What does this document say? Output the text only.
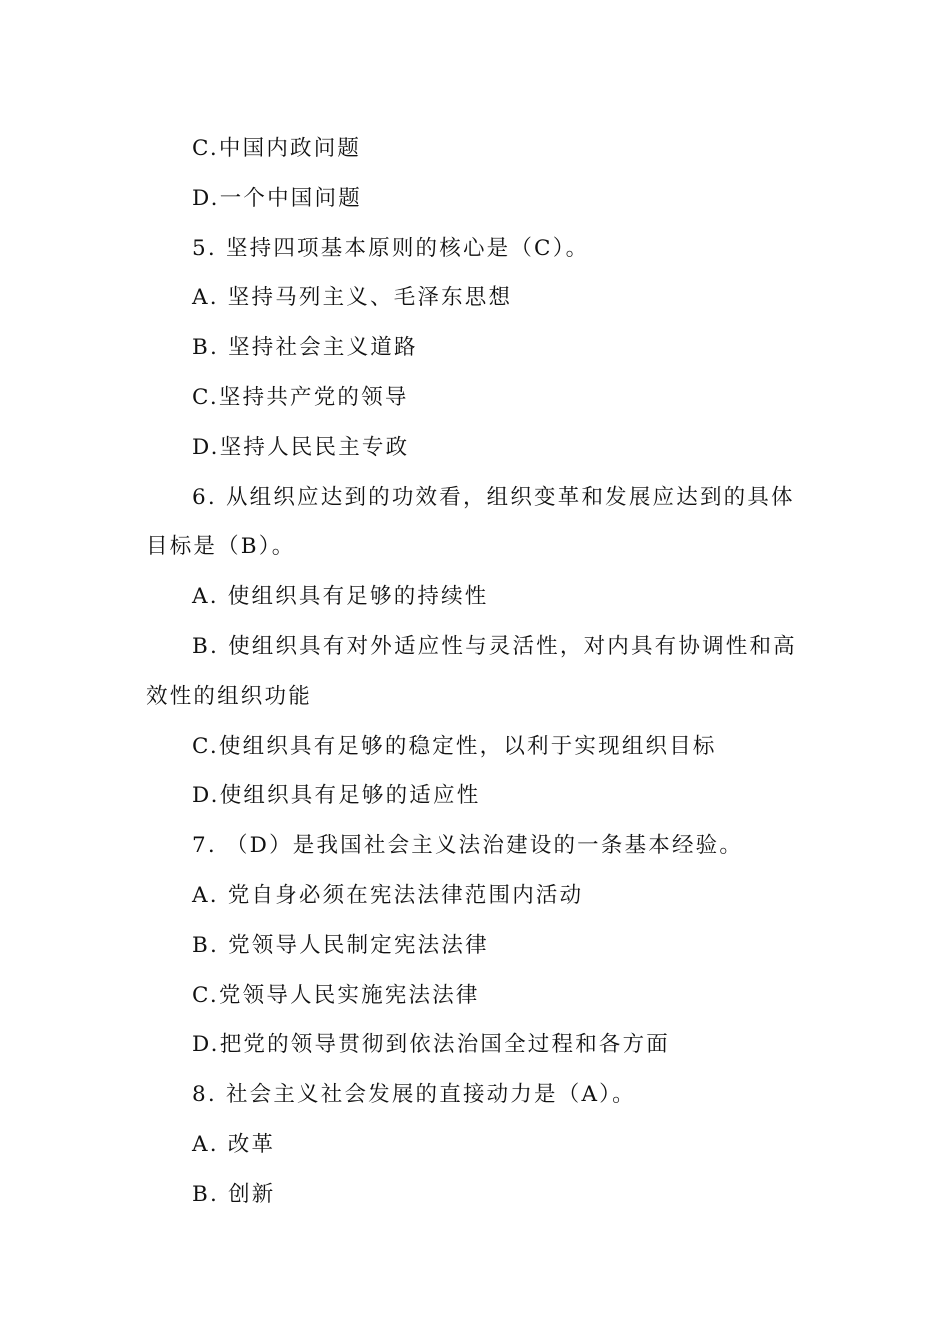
C.中国内政问题

D.一个中国问题

5. 坚持四项基本原则的核心是（C）。

A. 坚持马列主义、毛泽东思想

B. 坚持社会主义道路

C.坚持共产党的领导

D.坚持人民民主专政

6. 从组织应达到的功效看，组织变革和发展应达到的具体

目标是（B）。

A. 使组织具有足够的持续性

B. 使组织具有对外适应性与灵活性，对内具有协调性和高

效性的组织功能

C.使组织具有足够的稳定性，以利于实现组织目标

D.使组织具有足够的适应性

7. （D）是我国社会主义法治建设的一条基本经验。

A. 党自身必须在宪法法律范围内活动

B. 党领导人民制定宪法法律

C.党领导人民实施宪法法律

D.把党的领导贯彻到依法治国全过程和各方面

8. 社会主义社会发展的直接动力是（A）。

A. 改革

B. 创新
